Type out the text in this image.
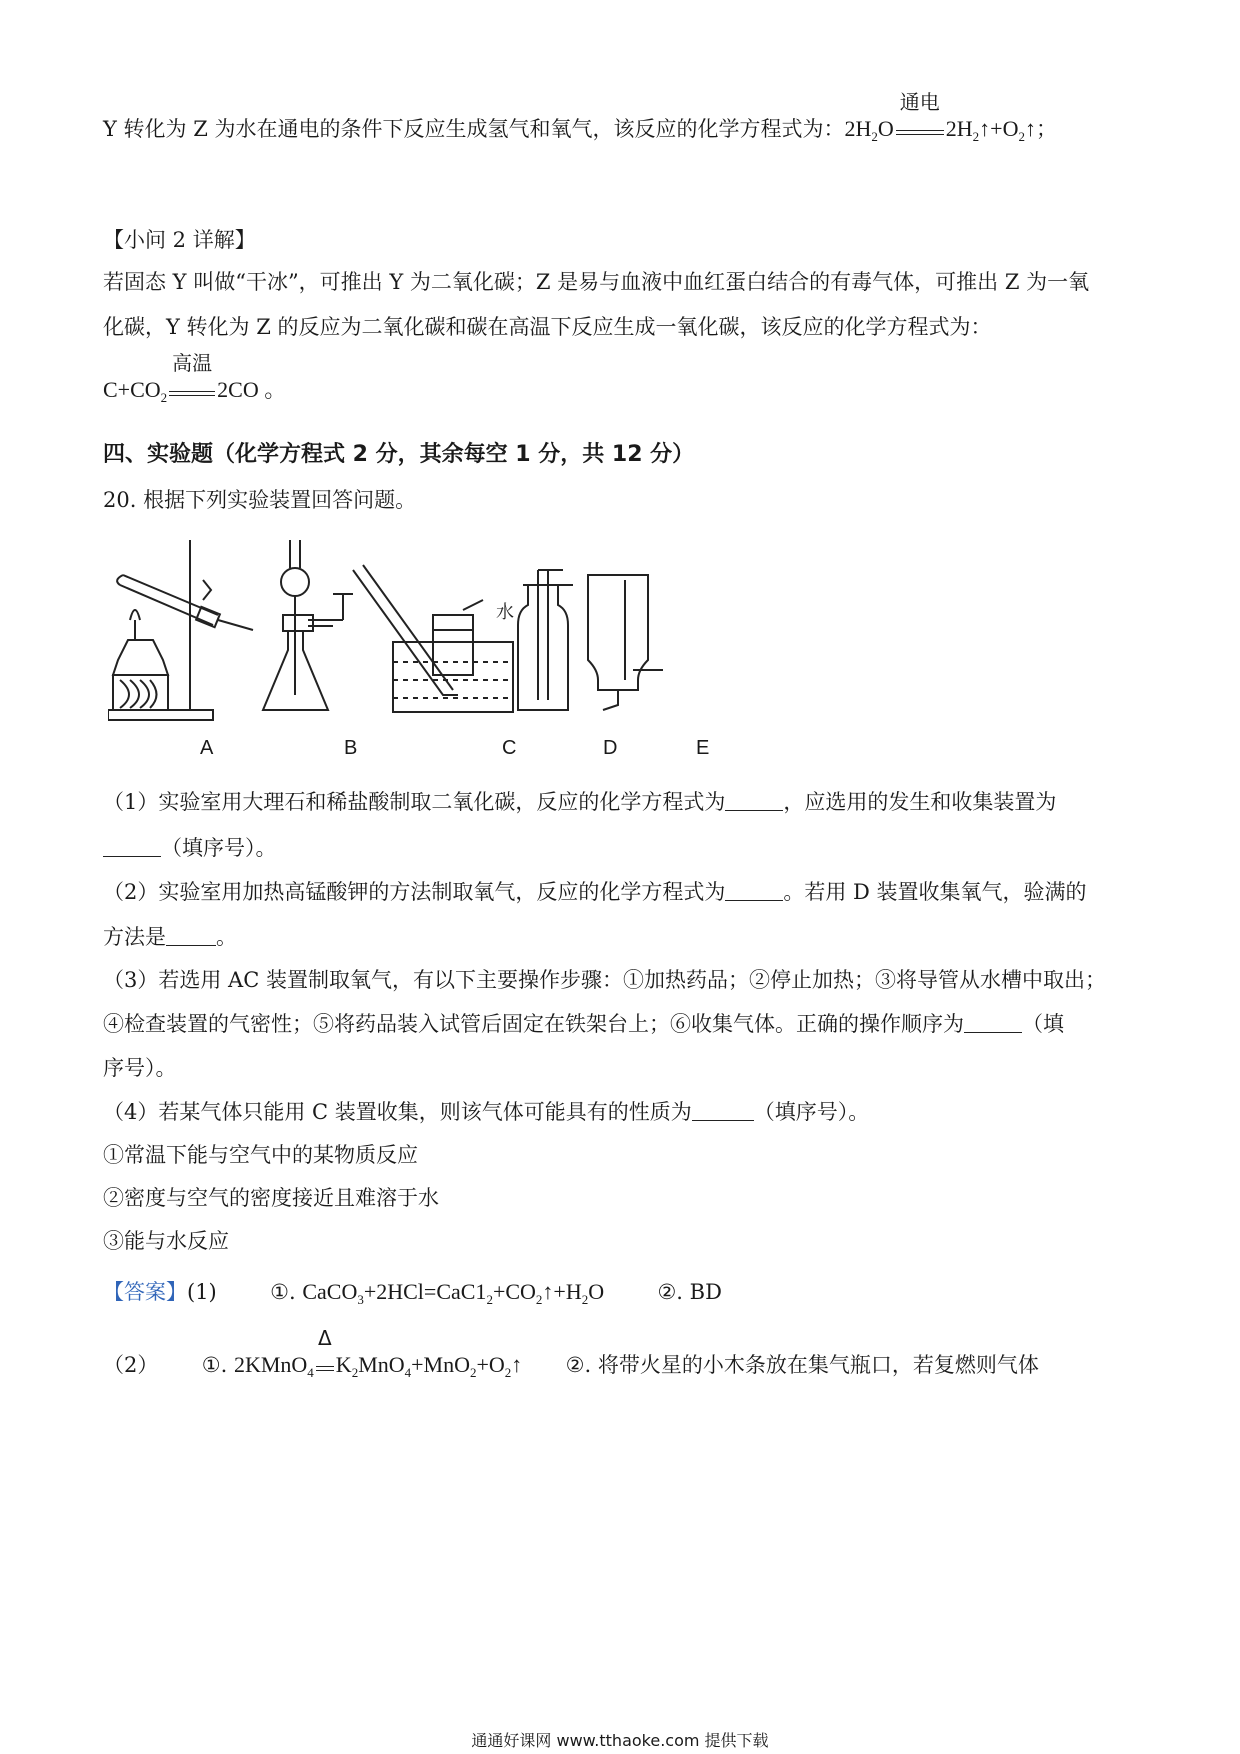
Y 转化为 Z 为水在通电的条件下反应生成氢气和氧气，该反应的化学方程式为：$2H_2O$
通电
$2H_2↑+O_2↑$；
【小问 2 详解】
若固态 Y 叫做“干冰”，可推出 Y 为二氧化碳；Z 是易与血液中血红蛋白结合的有毒气体，可推出 Z 为一氧
化碳，Y 转化为 Z 的反应为二氧化碳和碳在高温下反应生成一氧化碳，该反应的化学方程式为：
$C+CO_2$
高温
2CO 。
四、实验题（化学方程式 2 分，其余每空 1 分，共 12 分）
20. 根据下列实验装置回答问题。
水
A	B	C	D	E
（1）实验室用大理石和稀盐酸制取二氧化碳，反应的化学方程式为	，应选用的发生和收集装置为
（填序号）。
（2）实验室用加热高锰酸钾的方法制取氧气，反应的化学方程式为	。若用 D 装置收集氧气，验满的
方法是 。
（3）若选用 AC 装置制取氧气，有以下主要操作步骤：①加热药品；②停止加热；③将导管从水槽中取出；
④检查装置的气密性；⑤将药品装入试管后固定在铁架台上；⑥收集气体。正确的操作顺序为	（填
序号）。
（4）若某气体只能用 C 装置收集，则该气体可能具有的性质为	（填序号）。
①常温下能与空气中的某物质反应
②密度与空气的密度接近且难溶于水
③能与水反应
【答案】(1)	①. $CaCO_3+2HCl=CaC1_2+CO_2↑+H_2O$	②. BD
（2） ①. 2KMnO$_4$
Δ
$K_2MnO_4+MnO_2+O_2↑$ ②. 将带火星的小木条放在集气瓶口，若复燃则气体
通通好课网 www.tthaoke.com 提供下载
